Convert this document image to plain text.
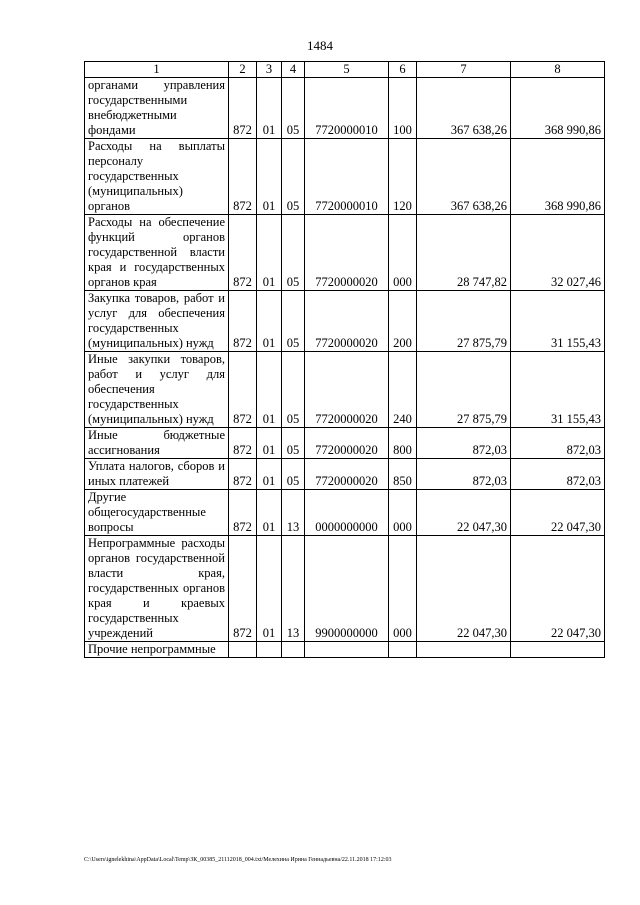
1484
1	2	3	4	5	6	7	8
органами управления государственными внебюджетными фондами	872	01	05	7720000010	100	367 638,26	368 990,86
Расходы на выплаты персоналу государственных (муниципальных) органов	872	01	05	7720000010	120	367 638,26	368 990,86
Расходы на обеспечение функций органов государственной власти края и государственных органов края	872	01	05	7720000020	000	28 747,82	32 027,46
Закупка товаров, работ и услуг для обеспечения государственных (муниципальных) нужд	872	01	05	7720000020	200	27 875,79	31 155,43
Иные закупки товаров, работ и услуг для обеспечения государственных (муниципальных) нужд	872	01	05	7720000020	240	27 875,79	31 155,43
Иные бюджетные ассигнования	872	01	05	7720000020	800	872,03	872,03
Уплата налогов, сборов и иных платежей	872	01	05	7720000020	850	872,03	872,03
Другие общегосударственные вопросы	872	01	13	0000000000	000	22 047,30	22 047,30
Непрограммные расходы органов государственной власти края, государственных органов края и краевых государственных учреждений	872	01	13	9900000000	000	22 047,30	22 047,30
Прочие непрограммные							
C:\Users\ignelekhina\AppData\Local\Temp\ЗК_00385_21112018_004.txt/Мелехина Ирина Геннадьевна/22.11.2018 17:12:03
